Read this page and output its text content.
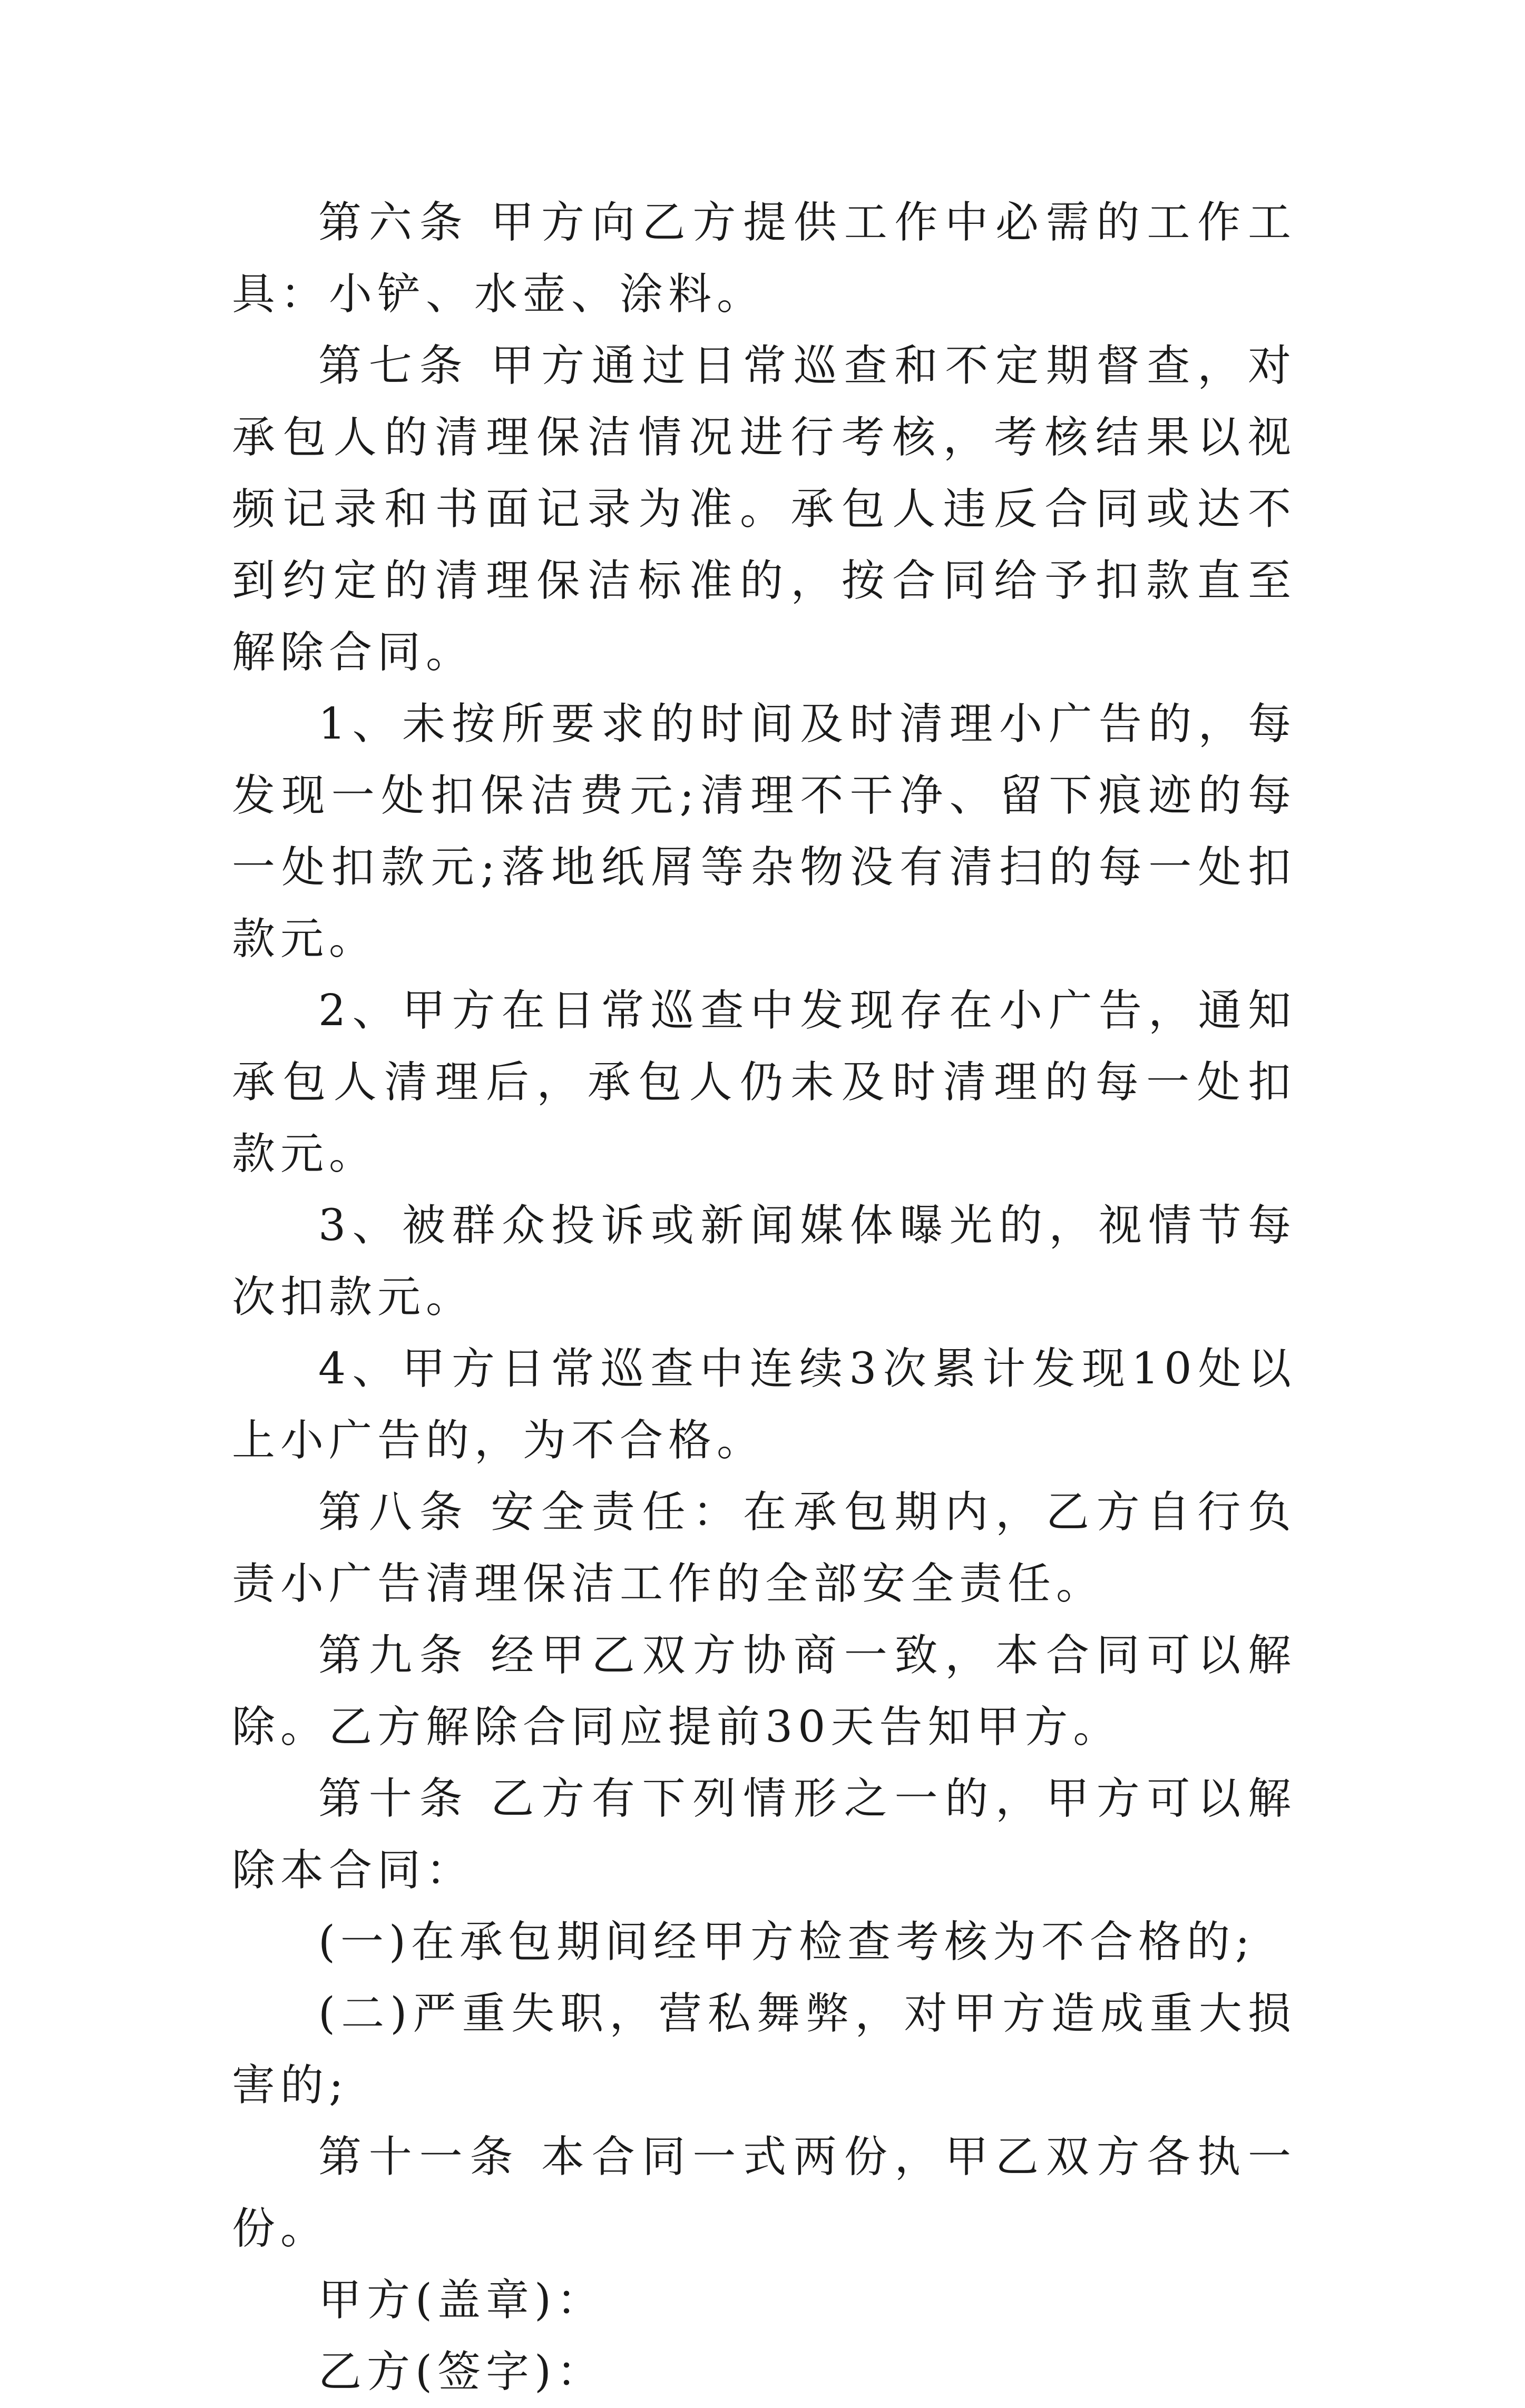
第六条 甲方向乙方提供工作中必需的工作工具：小铲、水壶、涂料。

第七条 甲方通过日常巡查和不定期督查，对承包人的清理保洁情况进行考核，考核结果以视频记录和书面记录为准。承包人违反合同或达不到约定的清理保洁标准的，按合同给予扣款直至解除合同。

1、未按所要求的时间及时清理小广告的，每发现一处扣保洁费元;清理不干净、留下痕迹的每一处扣款元;落地纸屑等杂物没有清扫的每一处扣款元。

2、甲方在日常巡查中发现存在小广告，通知承包人清理后，承包人仍未及时清理的每一处扣款元。

3、被群众投诉或新闻媒体曝光的，视情节每次扣款元。

4、甲方日常巡查中连续3次累计发现10处以上小广告的，为不合格。

第八条 安全责任：在承包期内，乙方自行负责小广告清理保洁工作的全部安全责任。

第九条 经甲乙双方协商一致，本合同可以解除。乙方解除合同应提前30天告知甲方。

第十条 乙方有下列情形之一的，甲方可以解除本合同：

(一)在承包期间经甲方检查考核为不合格的;

(二)严重失职，营私舞弊，对甲方造成重大损害的;

第十一条 本合同一式两份，甲乙双方各执一份。

甲方(盖章)：

乙方(签字)：
